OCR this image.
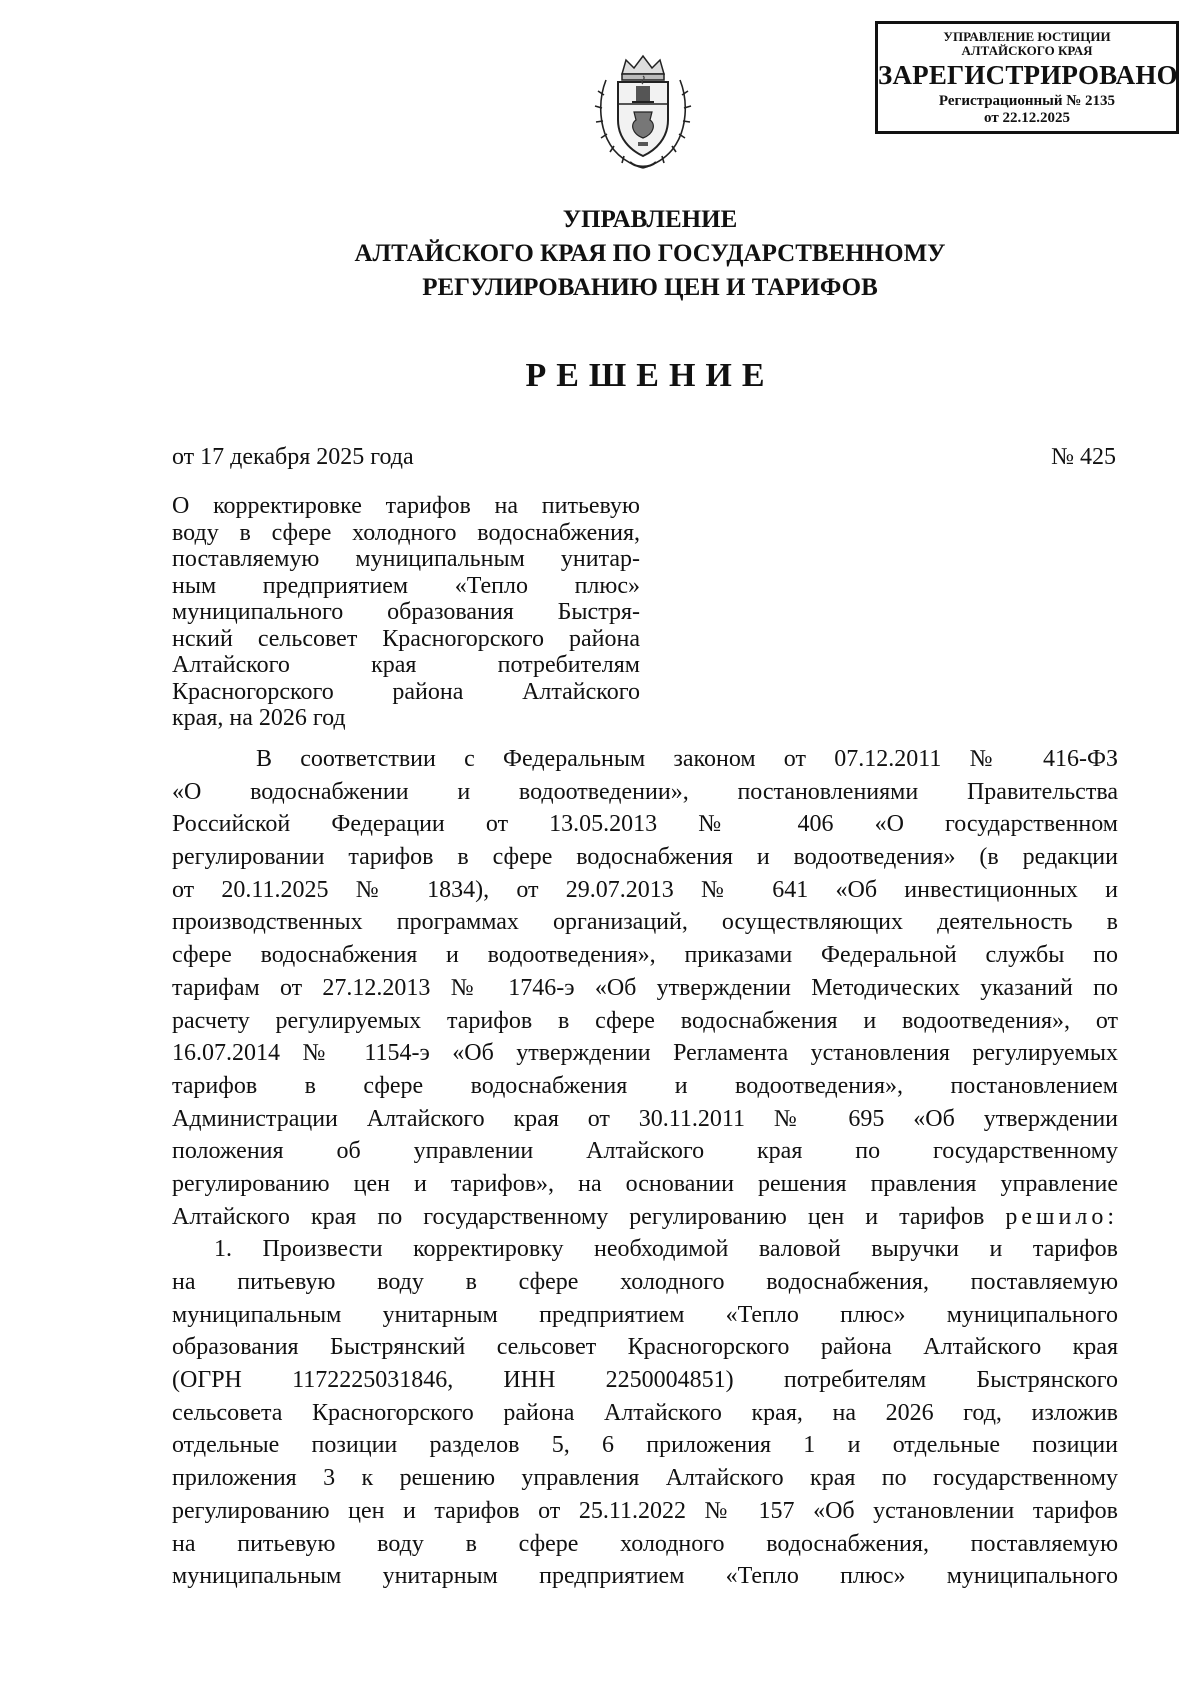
УПРАВЛЕНИЕ ЮСТИЦИИ
АЛТАЙСКОГО КРАЯ
ЗАРЕГИСТРИРОВАНО
Регистрационный № 2135
от 22.12.2025
УПРАВЛЕНИЕ
АЛТАЙСКОГО КРАЯ ПО ГОСУДАРСТВЕННОМУ
РЕГУЛИРОВАНИЮ ЦЕН И ТАРИФОВ
РЕШЕНИЕ
от 17 декабря 2025 года	№ 425
О корректировке тарифов на питьевую
воду в сфере холодного водоснабжения,
поставляемую муниципальным унитар-
ным предприятием «Тепло плюс»
муниципального образования Быстря-
нский сельсовет Красногорского района
Алтайского края потребителям
Красногорского района Алтайского
края, на 2026 год
В соответствии с Федеральным законом от 07.12.2011 № 416-ФЗ
«О водоснабжении и водоотведении», постановлениями Правительства
Российской Федерации от 13.05.2013 № 406 «О государственном
регулировании тарифов в сфере водоснабжения и водоотведения» (в редакции
от 20.11.2025 № 1834), от 29.07.2013 № 641 «Об инвестиционных и
производственных программах организаций, осуществляющих деятельность в
сфере водоснабжения и водоотведения», приказами Федеральной службы по
тарифам от 27.12.2013 № 1746-э «Об утверждении Методических указаний по
расчету регулируемых тарифов в сфере водоснабжения и водоотведения», от
16.07.2014 № 1154-э «Об утверждении Регламента установления регулируемых
тарифов в сфере водоснабжения и водоотведения», постановлением
Администрации Алтайского края от 30.11.2011 № 695 «Об утверждении
положения об управлении Алтайского края по государственному
регулированию цен и тарифов», на основании решения правления управление
Алтайского края по государственному регулированию цен и тарифов решило:
1. Произвести корректировку необходимой валовой выручки и тарифов
на питьевую воду в сфере холодного водоснабжения, поставляемую
муниципальным унитарным предприятием «Тепло плюс» муниципального
образования Быстрянский сельсовет Красногорского района Алтайского края
(ОГРН 1172225031846, ИНН 2250004851) потребителям Быстрянского
сельсовета Красногорского района Алтайского края, на 2026 год, изложив
отдельные позиции разделов 5, 6 приложения 1 и отдельные позиции
приложения 3 к решению управления Алтайского края по государственному
регулированию цен и тарифов от 25.11.2022 № 157 «Об установлении тарифов
на питьевую воду в сфере холодного водоснабжения, поставляемую
муниципальным унитарным предприятием «Тепло плюс» муниципального
